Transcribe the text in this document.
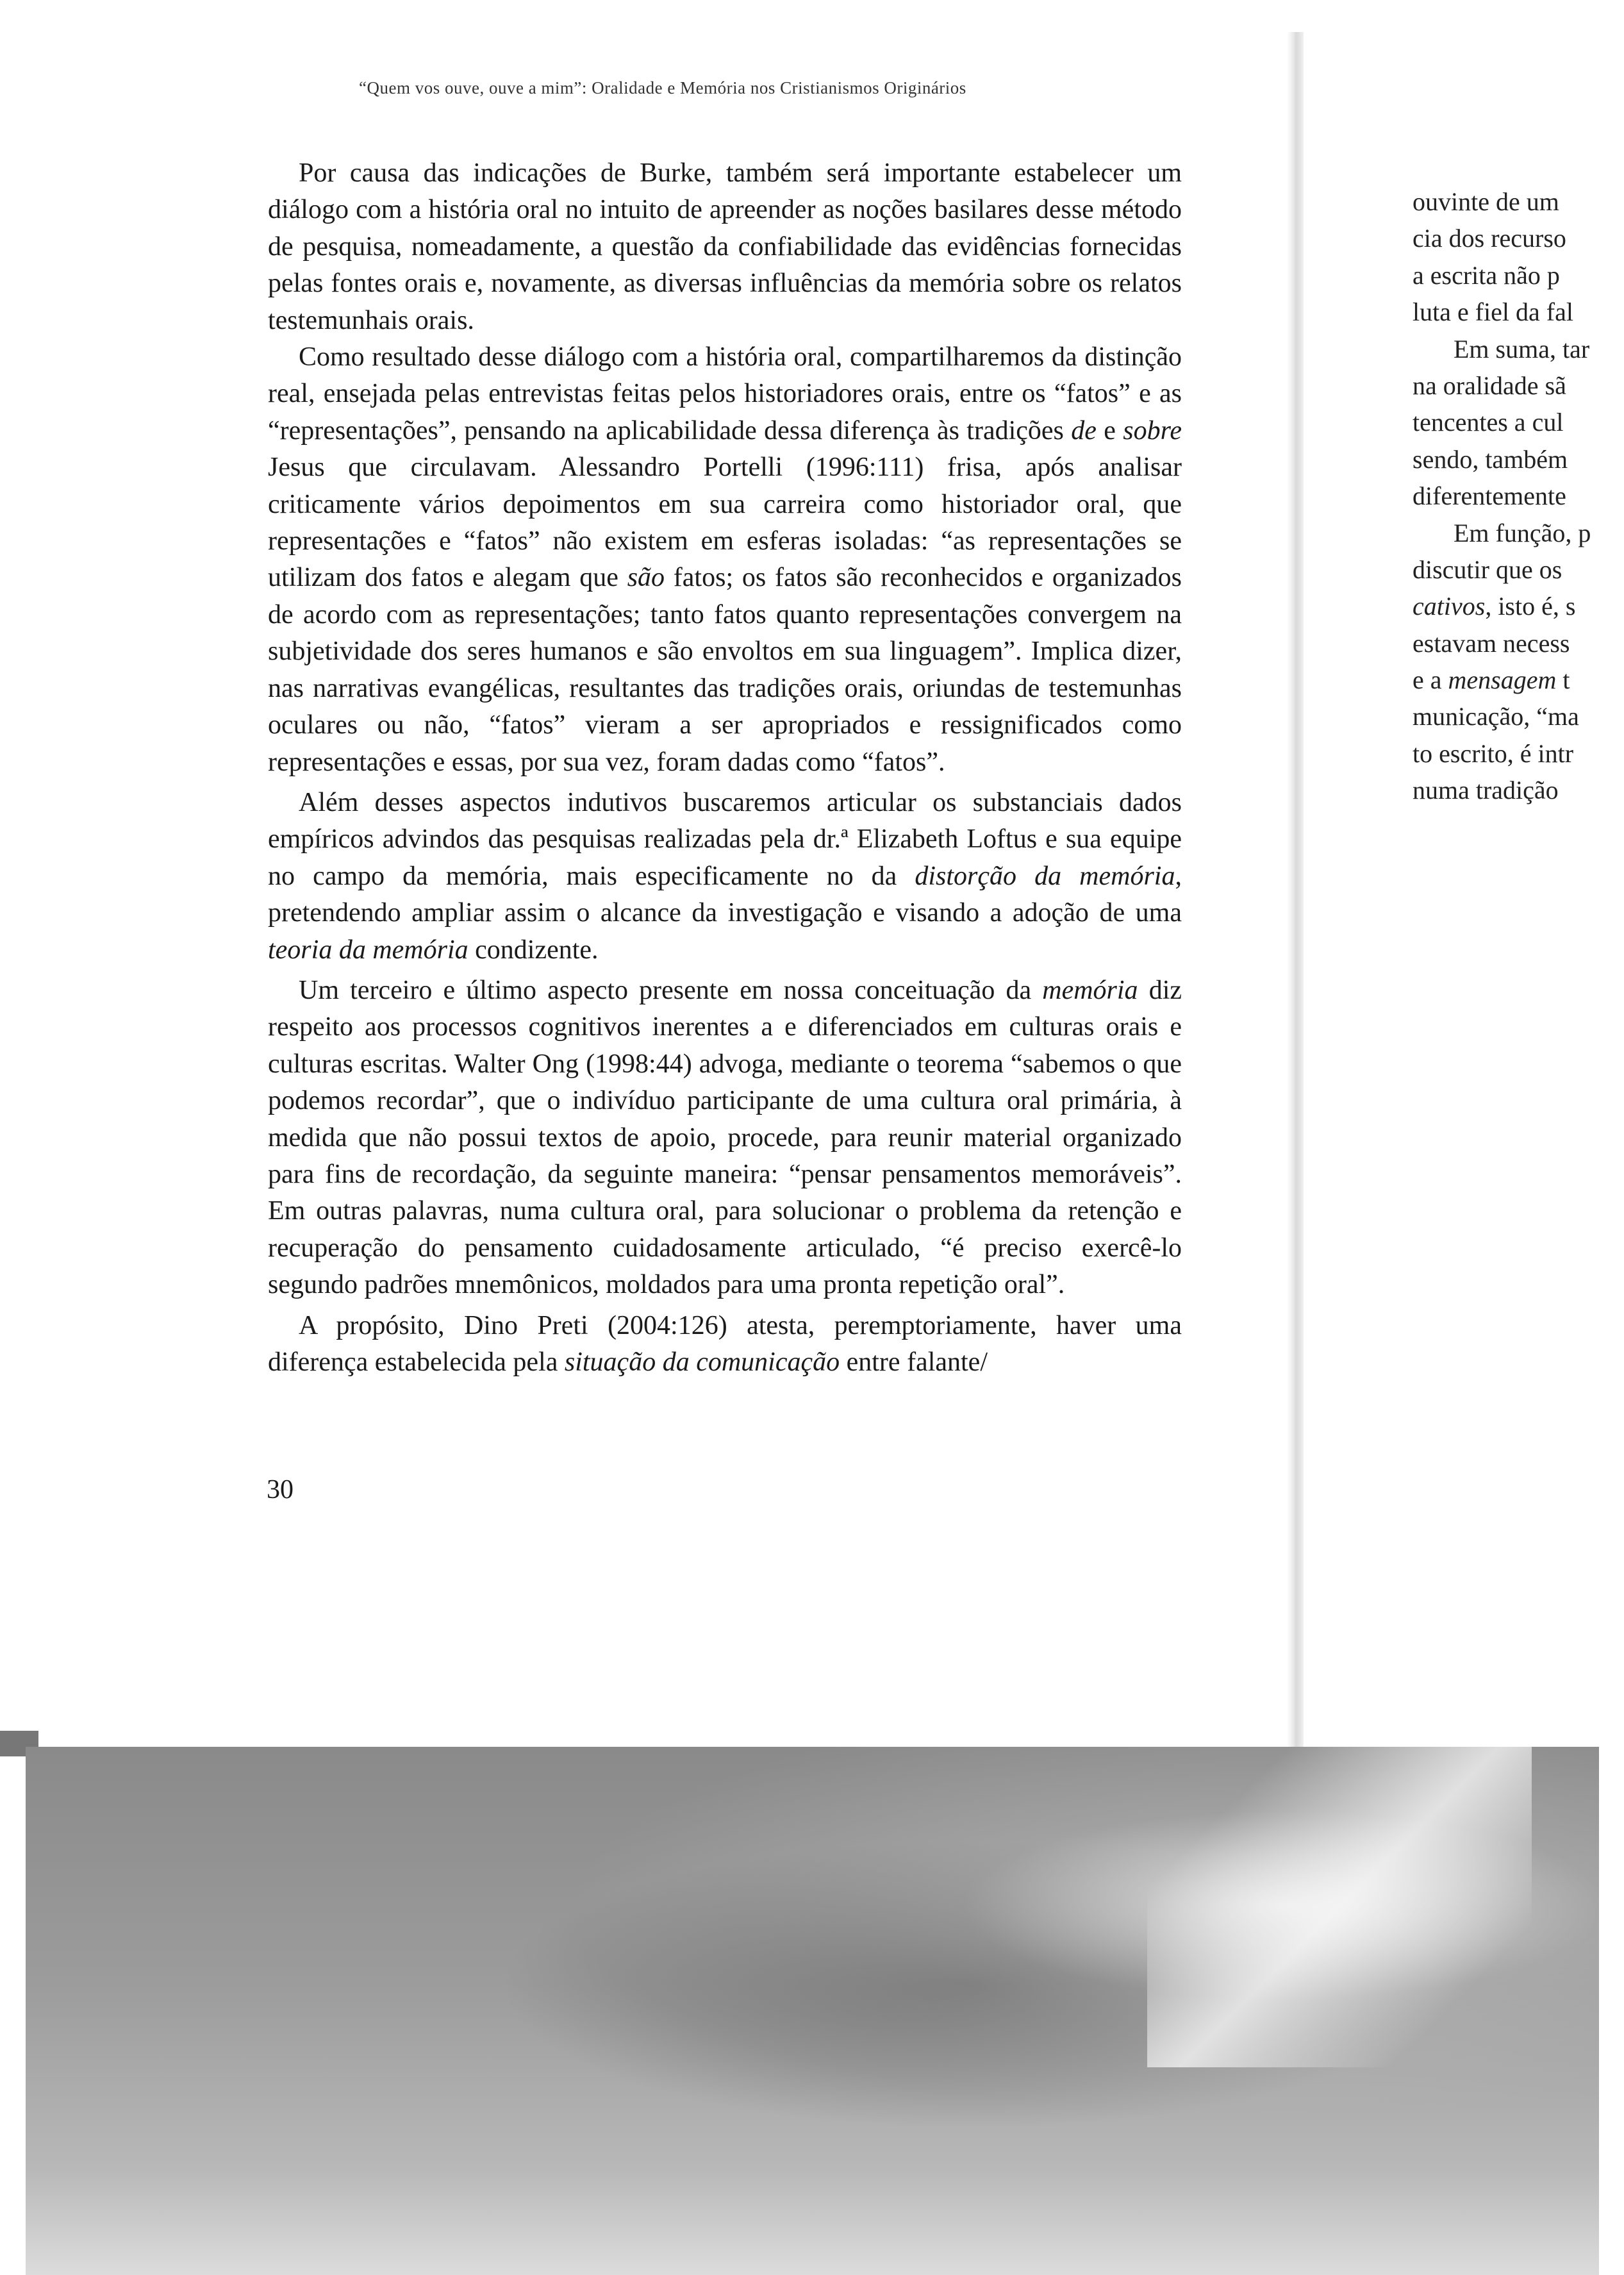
“Quem vos ouve, ouve a mim”: Oralidade e Memória nos Cristianismos Originários

Por causa das indicações de Burke, também será importante estabelecer um diálogo com a história oral no intuito de apreender as noções basilares desse método de pesquisa, nomeadamente, a questão da confiabilidade das evidências fornecidas pelas fontes orais e, novamente, as diversas influências da memória sobre os relatos testemunhais orais.

Como resultado desse diálogo com a história oral, compartilharemos da distinção real, ensejada pelas entrevistas feitas pelos historiadores orais, entre os “fatos” e as “representações”, pensando na aplicabilidade dessa diferença às tradições de e sobre Jesus que circulavam. Alessandro Portelli (1996:111) frisa, após analisar criticamente vários depoimentos em sua carreira como historiador oral, que representações e “fatos” não existem em esferas isoladas: “as representações se utilizam dos fatos e alegam que são fatos; os fatos são reconhecidos e organizados de acordo com as representações; tanto fatos quanto representações convergem na subjetividade dos seres humanos e são envoltos em sua linguagem”. Implica dizer, nas narrativas evangélicas, resultantes das tradições orais, oriundas de testemunhas oculares ou não, “fatos” vieram a ser apropriados e ressignificados como representações e essas, por sua vez, foram dadas como “fatos”.

Além desses aspectos indutivos buscaremos articular os substanciais dados empíricos advindos das pesquisas realizadas pela dr.ª Elizabeth Loftus e sua equipe no campo da memória, mais especificamente no da distorção da memória, pretendendo ampliar assim o alcance da investigação e visando a adoção de uma teoria da memória condizente.

Um terceiro e último aspecto presente em nossa conceituação da memória diz respeito aos processos cognitivos inerentes a e diferenciados em culturas orais e culturas escritas. Walter Ong (1998:44) advoga, mediante o teorema “sabemos o que podemos recordar”, que o indivíduo participante de uma cultura oral primária, à medida que não possui textos de apoio, procede, para reunir material organizado para fins de recordação, da seguinte maneira: “pensar pensamentos memoráveis”. Em outras palavras, numa cultura oral, para solucionar o problema da retenção e recuperação do pensamento cuidadosamente articulado, “é preciso exercê-lo segundo padrões mnemônicos, moldados para uma pronta repetição oral”.

A propósito, Dino Preti (2004:126) atesta, peremptoriamente, haver uma diferença estabelecida pela situação da comunicação entre falante/

30
ouvinte de um
cia dos recurso
a escrita não p
luta e fiel da fal
Em suma, tar
na oralidade sã
tencentes a cul
sendo, também
diferentemente
Em função, p
discutir que os
cativos, isto é, s
estavam necess
e a mensagem t
municação, “ma
to escrito, é intr
numa tradição
